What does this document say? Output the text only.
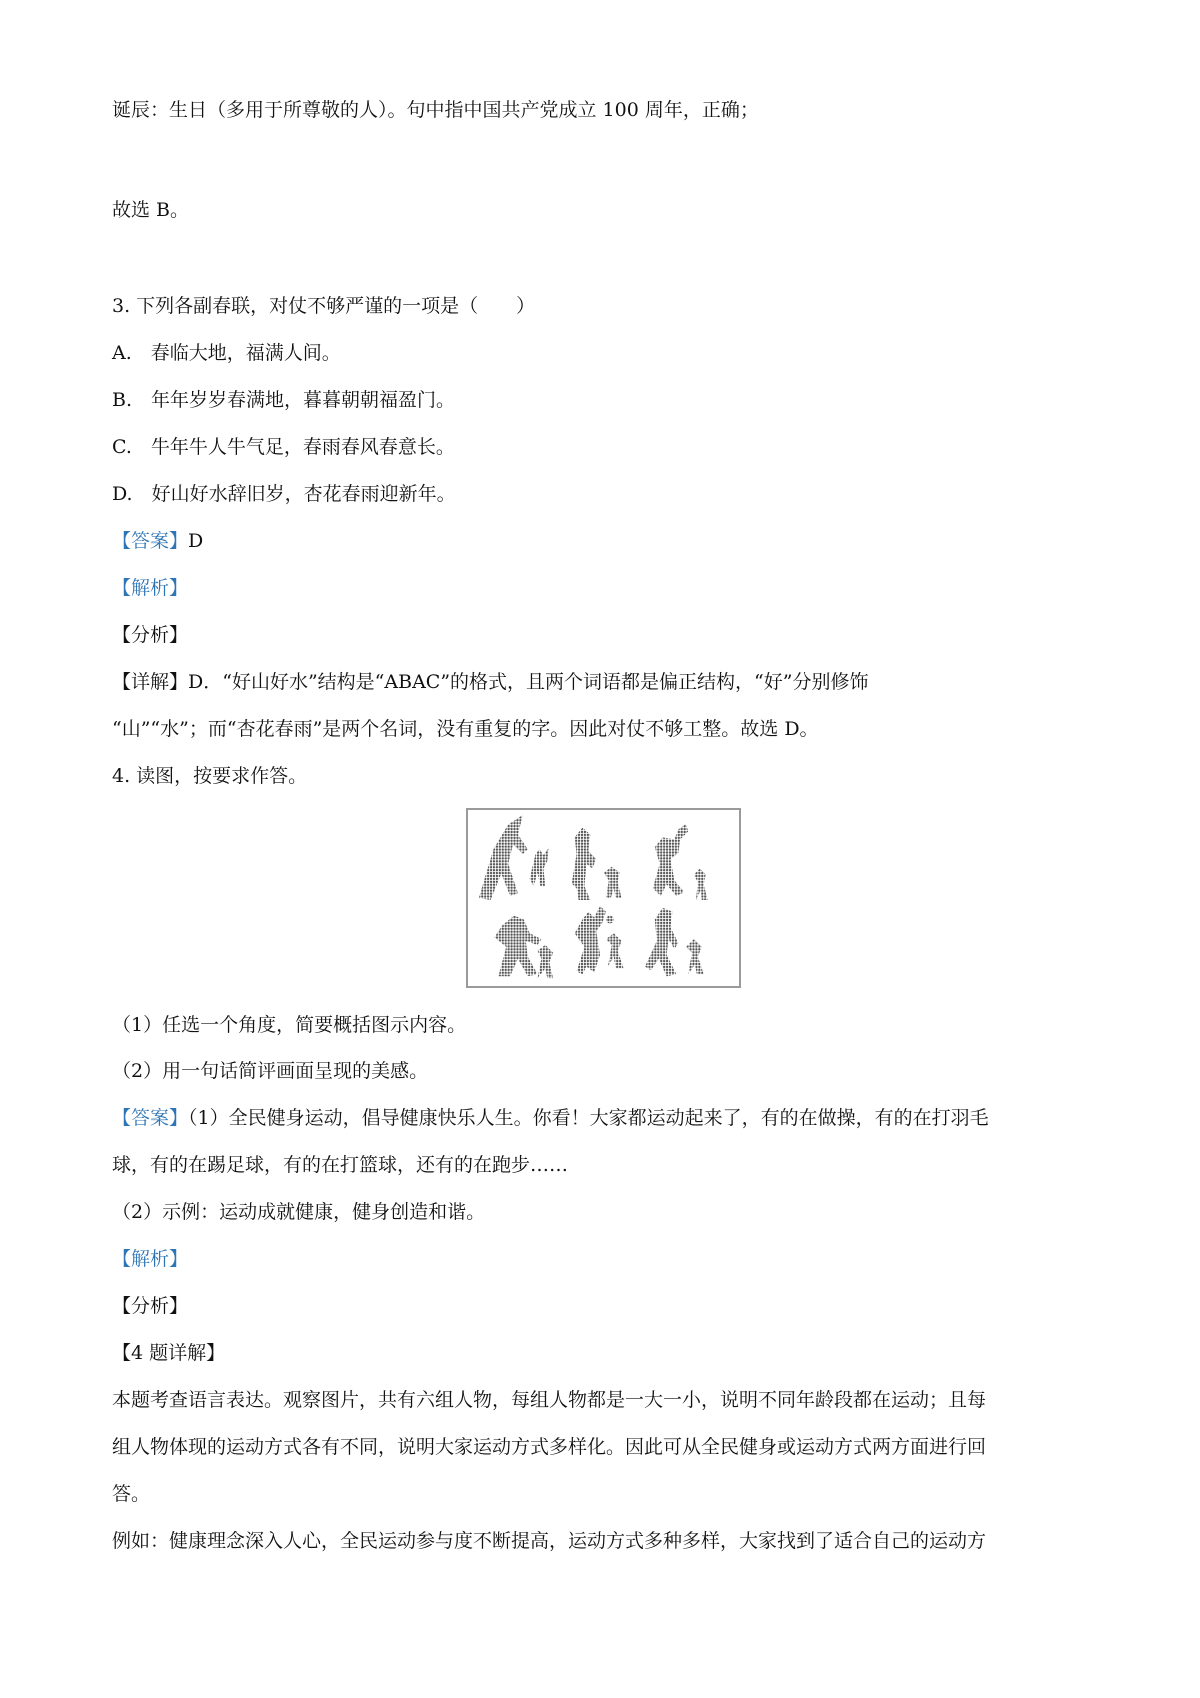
诞辰：生日（多用于所尊敬的人）。句中指中国共产党成立 100 周年，正确；
故选 B。
3. 下列各副春联，对仗不够严谨的一项是（　　）
A.　春临大地，福满人间。
B.　年年岁岁春满地，暮暮朝朝福盈门。
C.　牛年牛人牛气足，春雨春风春意长。
D.　好山好水辞旧岁，杏花春雨迎新年。
【答案】D
【解析】
【分析】
【详解】D．“好山好水”结构是“ABAC”的格式，且两个词语都是偏正结构，“好”分别修饰
“山”“水”；而“杏花春雨”是两个名词，没有重复的字。因此对仗不够工整。故选 D。
4. 读图，按要求作答。
（1）任选一个角度，简要概括图示内容。
（2）用一句话简评画面呈现的美感。
【答案】（1）全民健身运动，倡导健康快乐人生。你看！大家都运动起来了，有的在做操，有的在打羽毛
球，有的在踢足球，有的在打篮球，还有的在跑步……
（2）示例：运动成就健康，健身创造和谐。
【解析】
【分析】
【4 题详解】
本题考查语言表达。观察图片，共有六组人物，每组人物都是一大一小，说明不同年龄段都在运动；且每
组人物体现的运动方式各有不同，说明大家运动方式多样化。因此可从全民健身或运动方式两方面进行回
答。
例如：健康理念深入人心，全民运动参与度不断提高，运动方式多种多样，大家找到了适合自己的运动方
